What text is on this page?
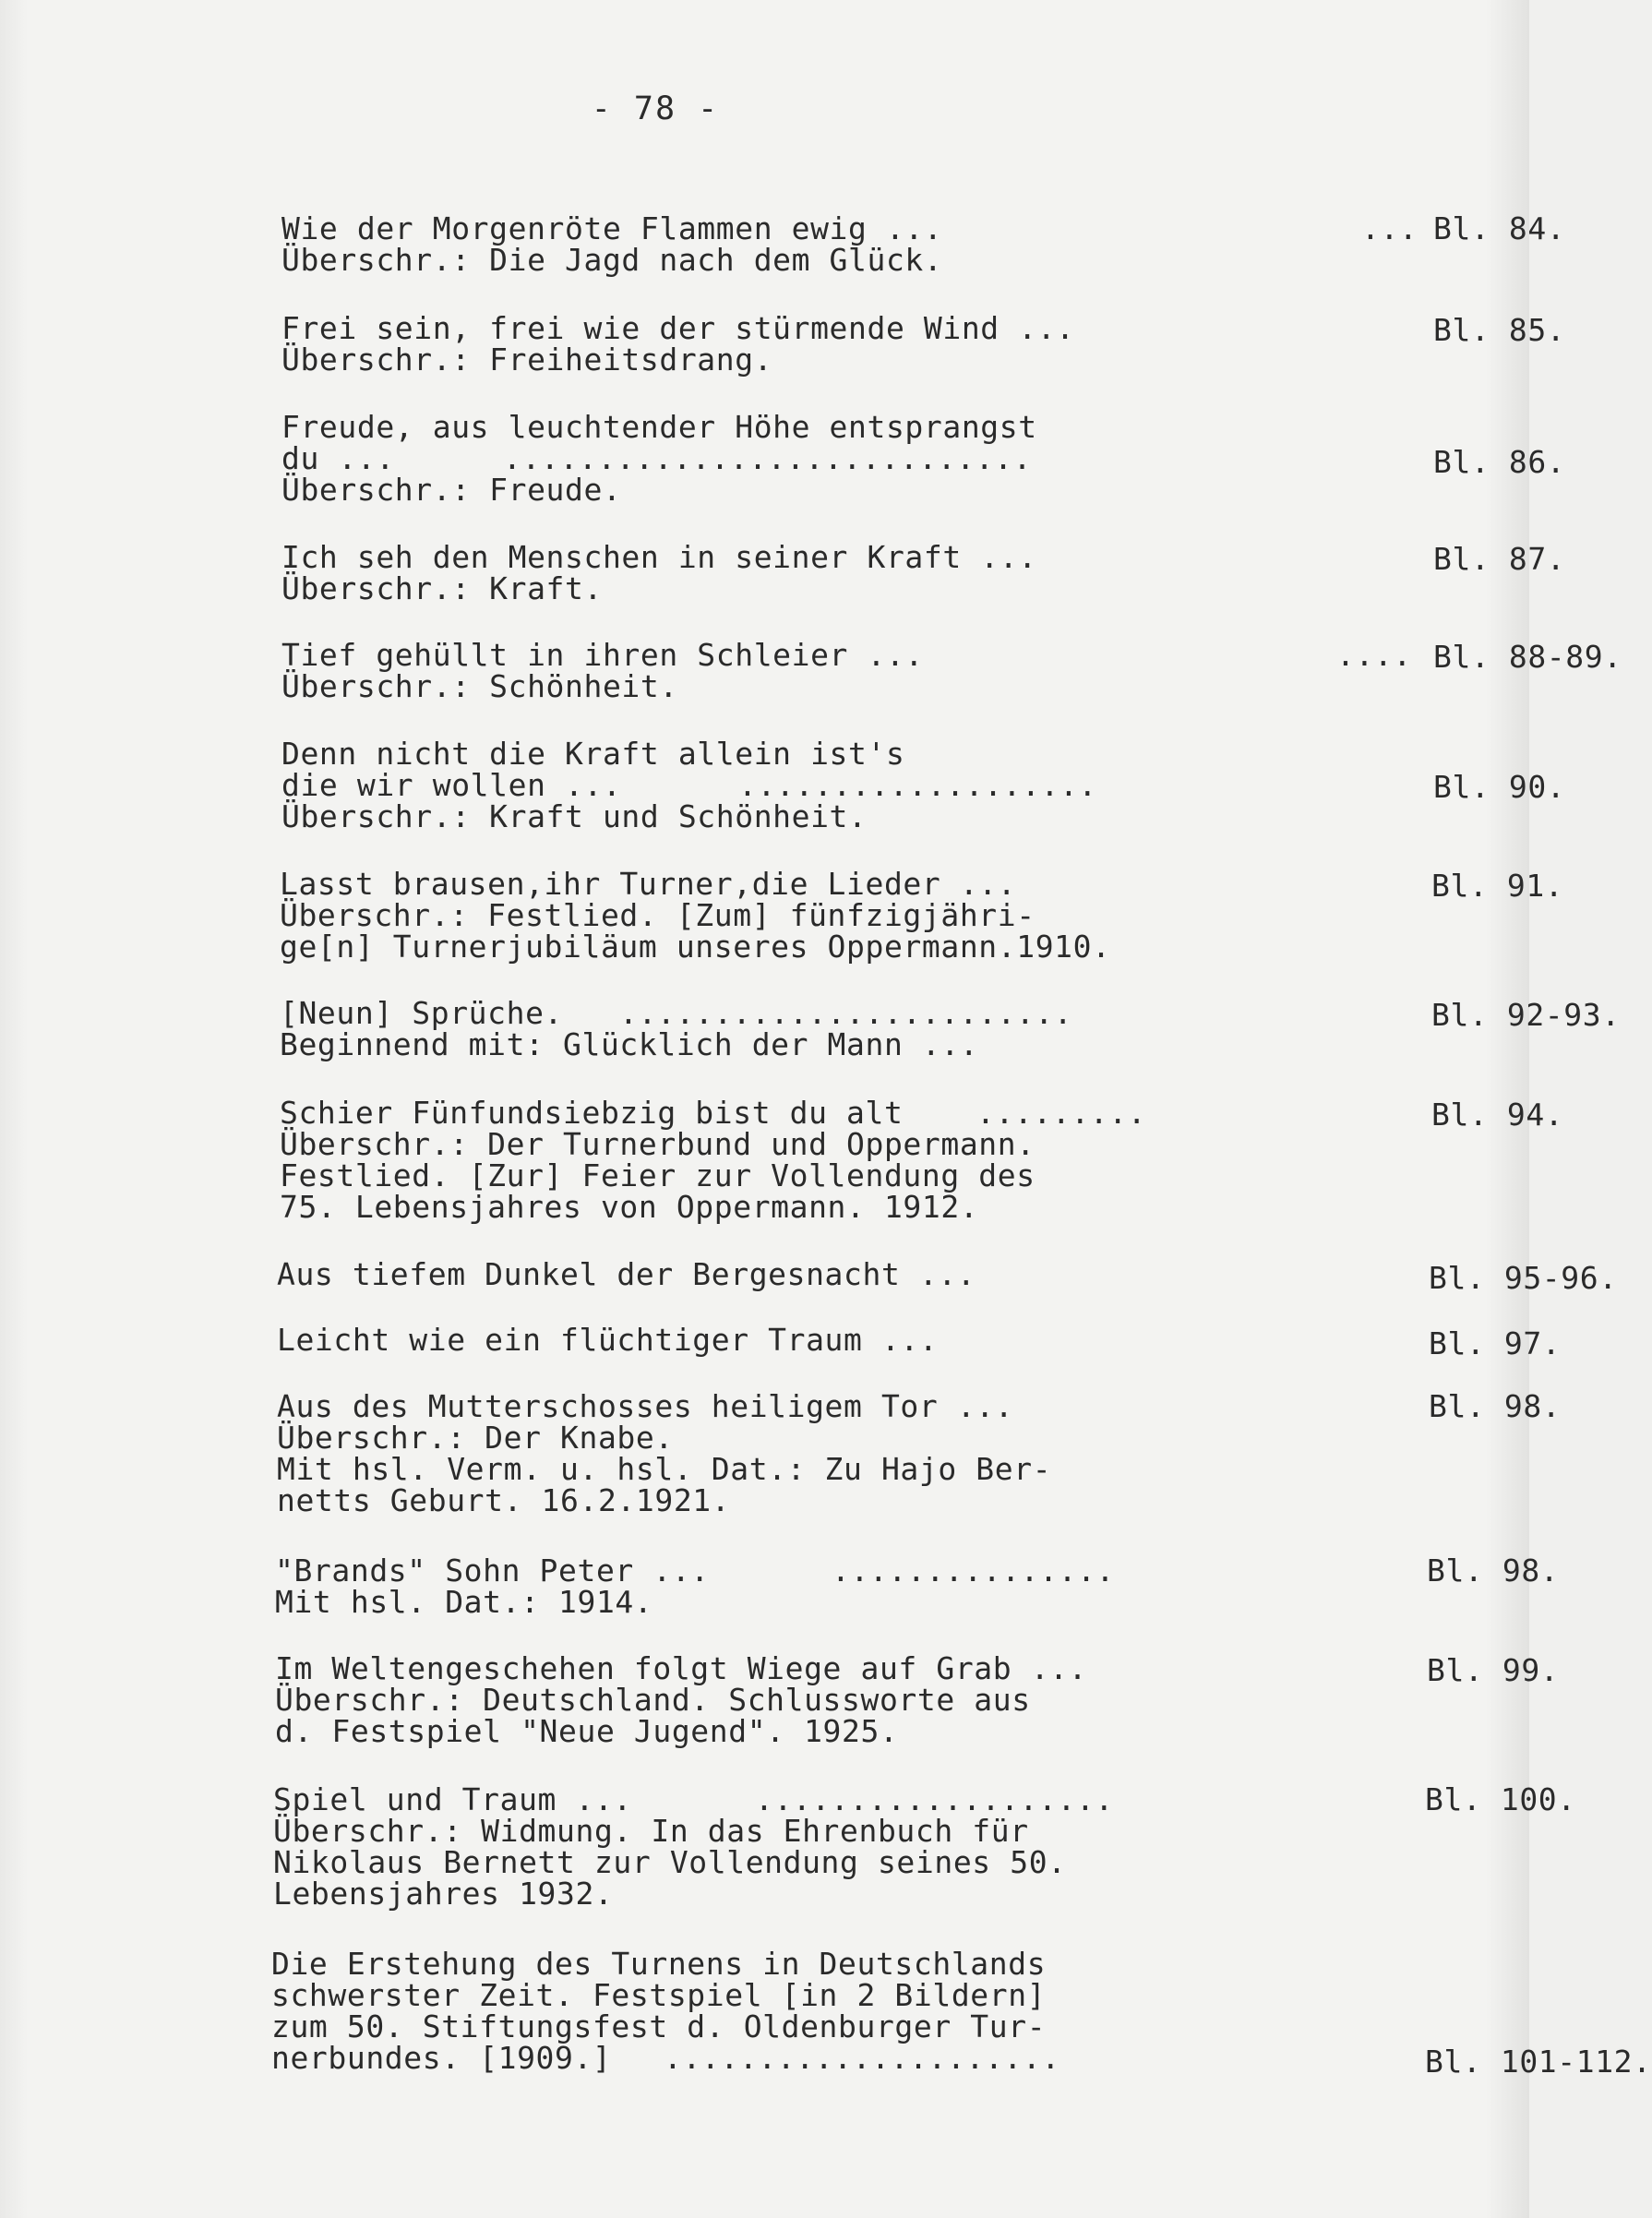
- 78 -
Wie der Morgenröte Flammen ewig ...	... Bl. 84.
Überschr.: Die Jagd nach dem Glück.
Frei sein, frei wie der stürmende Wind ...	Bl. 85.
Überschr.: Freiheitsdrang.
Freude, aus leuchtender Höhe entsprangst
du ...	............................	Bl. 86.
Überschr.: Freude.
Ich seh den Menschen in seiner Kraft ...	Bl. 87.
Überschr.: Kraft.
Tief gehüllt in ihren Schleier ...	.... Bl. 88-89.
Überschr.: Schönheit.
Denn nicht die Kraft allein ist's
die wir wollen ...	...................	Bl. 90.
Überschr.: Kraft und Schönheit.
Lasst brausen,ihr Turner,die Lieder ...	Bl. 91.
Überschr.: Festlied. [Zum] fünfzigjähri-
ge[n] Turnerjubiläum unseres Oppermann.1910.
[Neun] Sprüche. ........................	Bl. 92-93.
Beginnend mit: Glücklich der Mann ...
Schier Fünfundsiebzig bist du alt .........	Bl. 94.
Überschr.: Der Turnerbund und Oppermann.
Festlied. [Zur] Feier zur Vollendung des
75. Lebensjahres von Oppermann. 1912.
Aus tiefem Dunkel der Bergesnacht ...	Bl. 95-96.
Leicht wie ein flüchtiger Traum ...	Bl. 97.
Aus des Mutterschosses heiligem Tor ...	Bl. 98.
Überschr.: Der Knabe.
Mit hsl. Verm. u. hsl. Dat.: Zu Hajo Ber-
netts Geburt. 16.2.1921.
"Brands" Sohn Peter ...	...............	Bl. 98.
Mit hsl. Dat.: 1914.
Im Weltengeschehen folgt Wiege auf Grab ...	Bl. 99.
Überschr.: Deutschland. Schlussworte aus
d. Festspiel "Neue Jugend". 1925.
Spiel und Traum ...	...................	Bl. 100.
Überschr.: Widmung. In das Ehrenbuch für
Nikolaus Bernett zur Vollendung seines 50.
Lebensjahres 1932.
Die Erstehung des Turnens in Deutschlands
schwerster Zeit. Festspiel [in 2 Bildern]
zum 50. Stiftungsfest d. Oldenburger Tur-
nerbundes. [1909.] .....................	Bl. 101-112.
